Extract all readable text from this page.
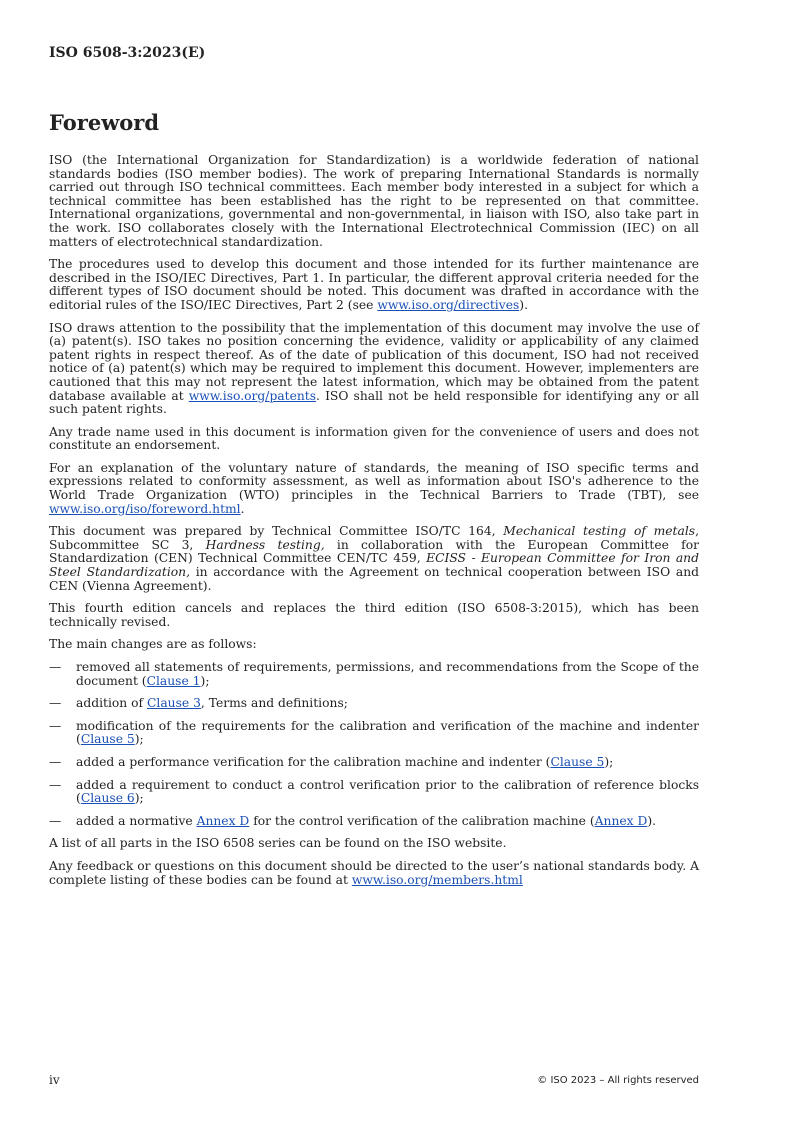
ISO 6508-3:2023(E)
Foreword

ISO (the International Organization for Standardization) is a worldwide federation of national standards bodies (ISO member bodies). The work of preparing International Standards is normally carried out through ISO technical committees. Each member body interested in a subject for which a technical committee has been established has the right to be represented on that committee. International organizations, governmental and non-governmental, in liaison with ISO, also take part in the work. ISO collaborates closely with the International Electrotechnical Commission (IEC) on all matters of electrotechnical standardization.

The procedures used to develop this document and those intended for its further maintenance are described in the ISO/IEC Directives, Part 1. In particular, the different approval criteria needed for the different types of ISO document should be noted. This document was drafted in accordance with the editorial rules of the ISO/IEC Directives, Part 2 (see www.iso.org/directives).

ISO draws attention to the possibility that the implementation of this document may involve the use of (a) patent(s). ISO takes no position concerning the evidence, validity or applicability of any claimed patent rights in respect thereof. As of the date of publication of this document, ISO had not received notice of (a) patent(s) which may be required to implement this document. However, implementers are cautioned that this may not represent the latest information, which may be obtained from the patent database available at www.iso.org/patents. ISO shall not be held responsible for identifying any or all such patent rights.

Any trade name used in this document is information given for the convenience of users and does not constitute an endorsement.

For an explanation of the voluntary nature of standards, the meaning of ISO specific terms and expressions related to conformity assessment, as well as information about ISO's adherence to the World Trade Organization (WTO) principles in the Technical Barriers to Trade (TBT), see www.iso.org/iso/foreword.html.

This document was prepared by Technical Committee ISO/TC 164, Mechanical testing of metals, Subcommittee SC 3, Hardness testing, in collaboration with the European Committee for Standardization (CEN) Technical Committee CEN/TC 459, ECISS - European Committee for Iron and Steel Standardization, in accordance with the Agreement on technical cooperation between ISO and CEN (Vienna Agreement).

This fourth edition cancels and replaces the third edition (ISO 6508-3:2015), which has been technically revised.

The main changes are as follows:

— removed all statements of requirements, permissions, and recommendations from the Scope of the document (Clause 1);
— addition of Clause 3, Terms and definitions;
— modification of the requirements for the calibration and verification of the machine and indenter (Clause 5);
— added a performance verification for the calibration machine and indenter (Clause 5);
— added a requirement to conduct a control verification prior to the calibration of reference blocks (Clause 6);
— added a normative Annex D for the control verification of the calibration machine (Annex D).

A list of all parts in the ISO 6508 series can be found on the ISO website.

Any feedback or questions on this document should be directed to the user’s national standards body. A complete listing of these bodies can be found at www.iso.org/members.html

iv	© ISO 2023 – All rights reserved
